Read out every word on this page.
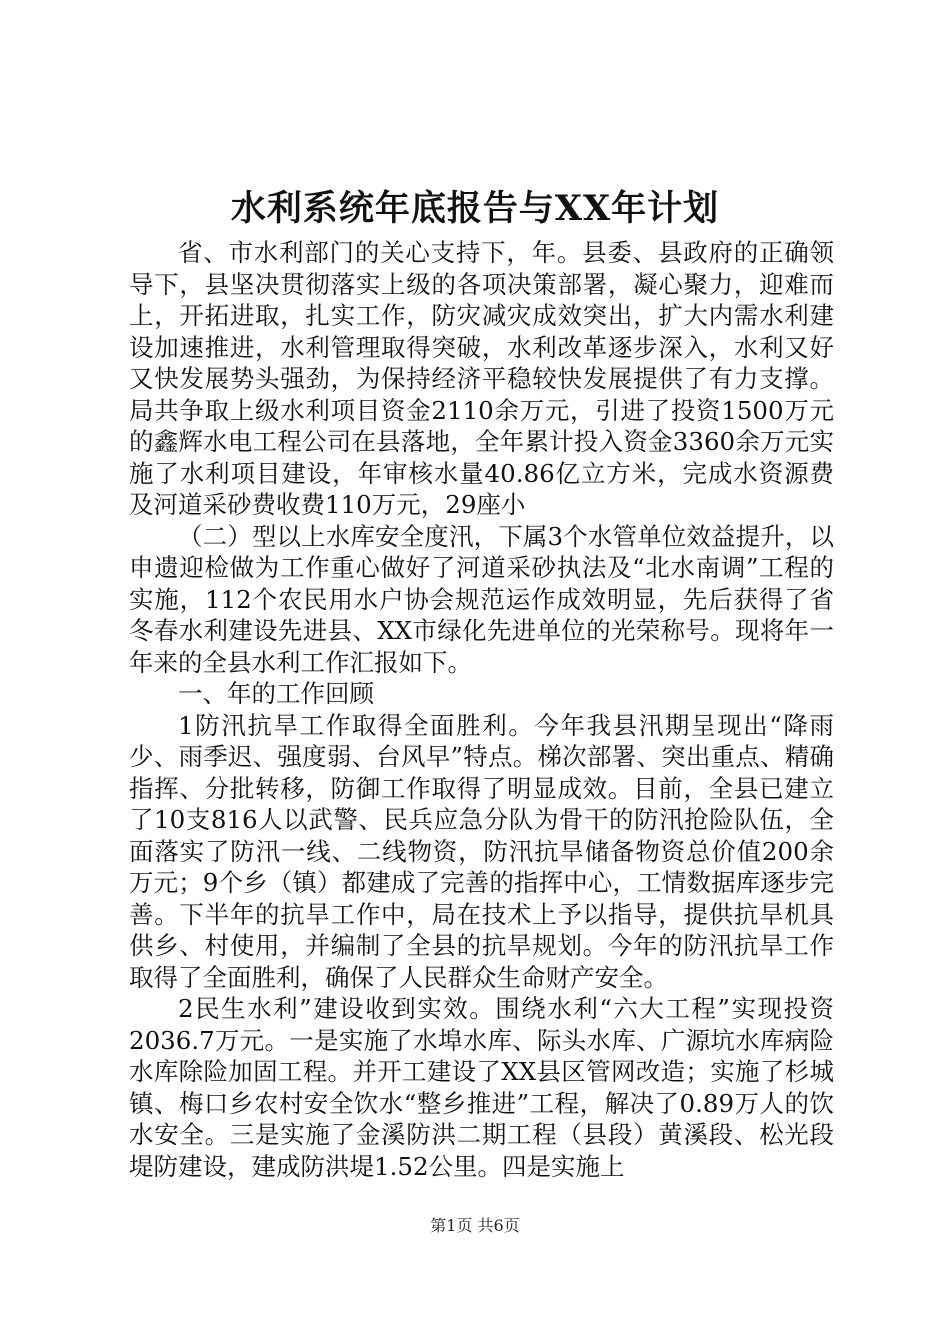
水利系统年底报告与XX年计划

省、市水利部门的关心支持下，年。县委、县政府的正确领导下，县坚决贯彻落实上级的各项决策部署，凝心聚力，迎难而上，开拓进取，扎实工作，防灾减灾成效突出，扩大内需水利建设加速推进，水利管理取得突破，水利改革逐步深入，水利又好又快发展势头强劲，为保持经济平稳较快发展提供了有力支撑。局共争取上级水利项目资金2110余万元，引进了投资1500万元的鑫辉水电工程公司在县落地，全年累计投入资金3360余万元实施了水利项目建设，年审核水量40.86亿立方米，完成水资源费及河道采砂费收费110万元，29座小

（二）型以上水库安全度汛，下属3个水管单位效益提升，以申遗迎检做为工作重心做好了河道采砂执法及“北水南调”工程的实施，112个农民用水户协会规范运作成效明显，先后获得了省冬春水利建设先进县、XX市绿化先进单位的光荣称号。现将年一年来的全县水利工作汇报如下。

一、年的工作回顾

1防汛抗旱工作取得全面胜利。今年我县汛期呈现出“降雨少、雨季迟、强度弱、台风早”特点。梯次部署、突出重点、精确指挥、分批转移，防御工作取得了明显成效。目前，全县已建立了10支816人以武警、民兵应急分队为骨干的防汛抢险队伍，全面落实了防汛一线、二线物资，防汛抗旱储备物资总价值200余万元；9个乡（镇）都建成了完善的指挥中心，工情数据库逐步完善。下半年的抗旱工作中，局在技术上予以指导，提供抗旱机具供乡、村使用，并编制了全县的抗旱规划。今年的防汛抗旱工作取得了全面胜利，确保了人民群众生命财产安全。

2民生水利”建设收到实效。围绕水利“六大工程”实现投资2036.7万元。一是实施了水埠水库、际头水库、广源坑水库病险水库除险加固工程。并开工建设了XX县区管网改造；实施了杉城镇、梅口乡农村安全饮水“整乡推进”工程，解决了0.89万人的饮水安全。三是实施了金溪防洪二期工程（县段）黄溪段、松光段堤防建设，建成防洪堤1.52公里。四是实施上

第1页 共6页
